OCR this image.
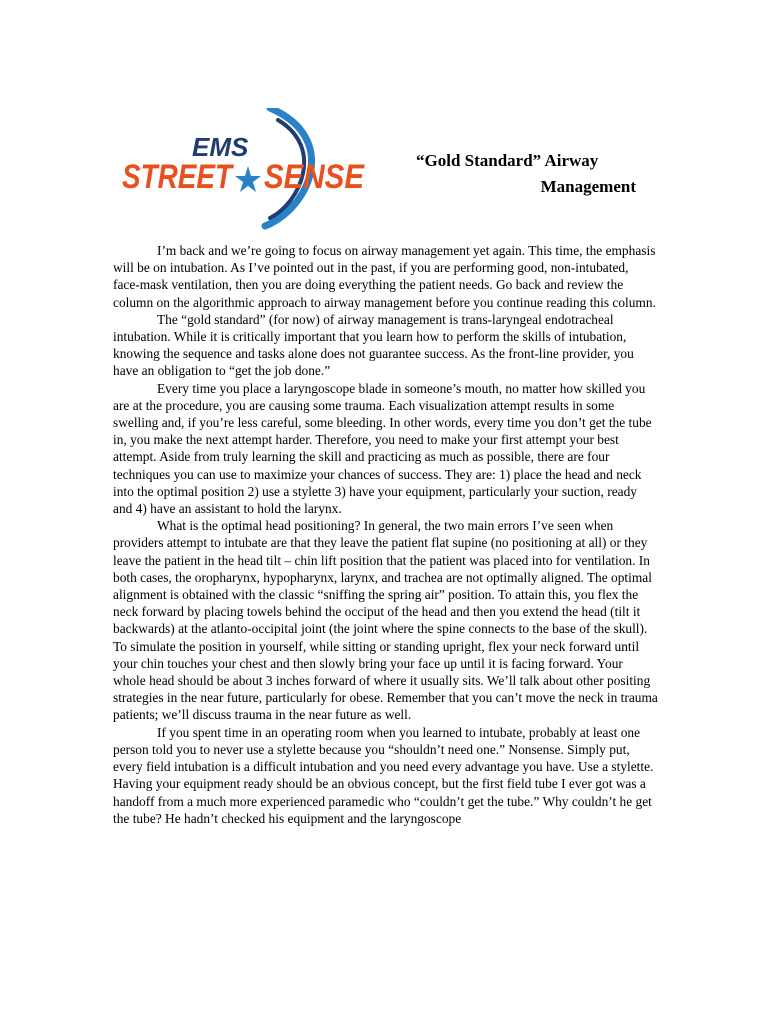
EMS
STREET SENSE	“Gold Standard” Airway
Management

I’m back and we’re going to focus on airway management yet again. This time, the emphasis will be on intubation. As I’ve pointed out in the past, if you are performing good, non-intubated, face-mask ventilation, then you are doing everything the patient needs. Go back and review the column on the algorithmic approach to airway management before you continue reading this column.

The “gold standard” (for now) of airway management is trans-laryngeal endotracheal intubation. While it is critically important that you learn how to perform the skills of intubation, knowing the sequence and tasks alone does not guarantee success. As the front-line provider, you have an obligation to “get the job done.”

Every time you place a laryngoscope blade in someone’s mouth, no matter how skilled you are at the procedure, you are causing some trauma. Each visualization attempt results in some swelling and, if you’re less careful, some bleeding. In other words, every time you don’t get the tube in, you make the next attempt harder. Therefore, you need to make your first attempt your best attempt. Aside from truly learning the skill and practicing as much as possible, there are four techniques you can use to maximize your chances of success. They are: 1) place the head and neck into the optimal position 2) use a stylette 3) have your equipment, particularly your suction, ready and 4) have an assistant to hold the larynx.

What is the optimal head positioning? In general, the two main errors I’ve seen when providers attempt to intubate are that they leave the patient flat supine (no positioning at all) or they leave the patient in the head tilt – chin lift position that the patient was placed into for ventilation. In both cases, the oropharynx, hypopharynx, larynx, and trachea are not optimally aligned. The optimal alignment is obtained with the classic “sniffing the spring air” position. To attain this, you flex the neck forward by placing towels behind the occiput of the head and then you extend the head (tilt it backwards) at the atlanto-occipital joint (the joint where the spine connects to the base of the skull). To simulate the position in yourself, while sitting or standing upright, flex your neck forward until your chin touches your chest and then slowly bring your face up until it is facing forward. Your whole head should be about 3 inches forward of where it usually sits. We’ll talk about other positing strategies in the near future, particularly for obese. Remember that you can’t move the neck in trauma patients; we’ll discuss trauma in the near future as well.

If you spent time in an operating room when you learned to intubate, probably at least one person told you to never use a stylette because you “shouldn’t need one.” Nonsense. Simply put, every field intubation is a difficult intubation and you need every advantage you have. Use a stylette.

Having your equipment ready should be an obvious concept, but the first field tube I ever got was a handoff from a much more experienced paramedic who “couldn’t get the tube.” Why couldn’t he get the tube? He hadn’t checked his equipment and the laryngoscope
